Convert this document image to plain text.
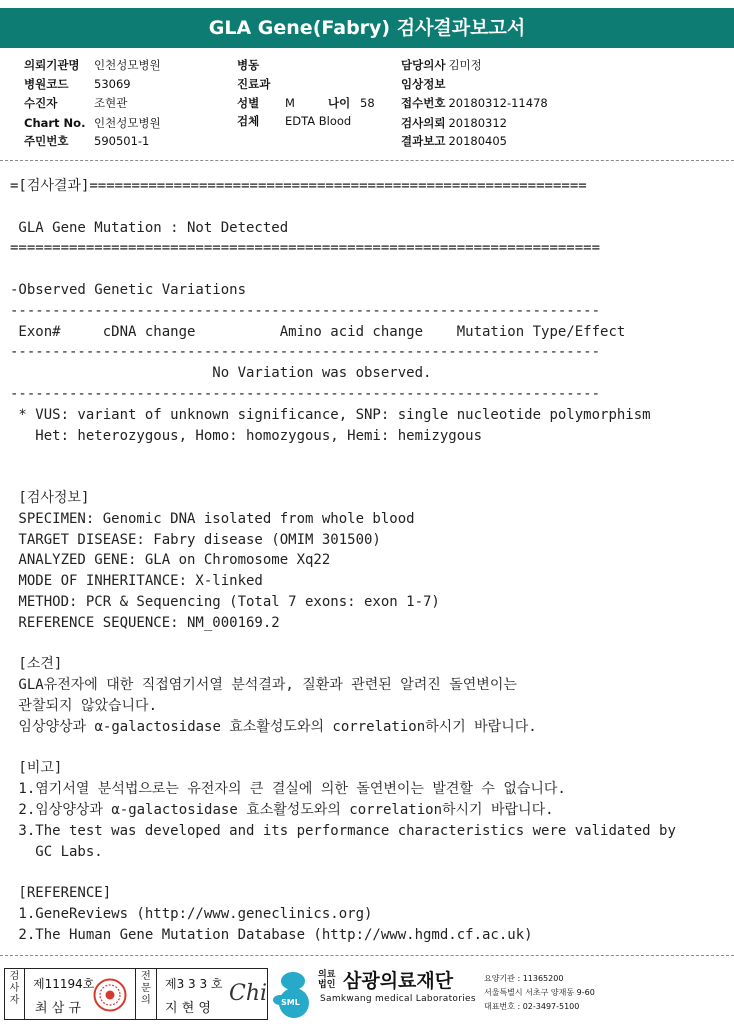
GLA Gene(Fabry) 검사결과보고서
의뢰기관명 인천성모병원
병원코드 53069
수진자	조현관
Chart No. 인천성모병원
주민번호 590501-1
병동
진료과
성별 M	나이 58
검체 EDTA Blood
담당의사 김미정
임상정보
접수번호 20180312-11478
검사의뢰 20180312
결과보고 20180405
=[검사결과]===========================================================
GLA Gene Mutation : Not Detected
======================================================================
-Observed Genetic Variations
----------------------------------------------------------------------
Exon#     cDNA change          Amino acid change    Mutation Type/Effect
----------------------------------------------------------------------
No Variation was observed.
----------------------------------------------------------------------
* VUS: variant of unknown significance, SNP: single nucleotide polymorphism
Het: heterozygous, Homo: homozygous, Hemi: hemizygous
[검사정보]
SPECIMEN: Genomic DNA isolated from whole blood
TARGET DISEASE: Fabry disease (OMIM 301500)
ANALYZED GENE: GLA on Chromosome Xq22
MODE OF INHERITANCE: X-linked
METHOD: PCR & Sequencing (Total 7 exons: exon 1-7)
REFERENCE SEQUENCE: NM_000169.2
[소견]
GLA유전자에 대한 직접염기서열 분석결과, 질환과 관련된 알려진 돌연변이는
관찰되지 않았습니다.
임상양상과 α-galactosidase 효소활성도와의 correlation하시기 바랍니다.
[비고]
1.염기서열 분석법으로는 유전자의 큰 결실에 의한 돌연변이는 발견할 수 없습니다.
2.임상양상과 α-galactosidase 효소활성도와의 correlation하시기 바랍니다.
3.The test was developed and its performance characteristics were validated by
GC Labs.
[REFERENCE]
1.GeneReviews (http://www.geneclinics.org)
2.The Human Gene Mutation Database (http://www.hgmd.cf.ac.uk)
검
사
자
제11194호
최 삼 규
전
문
의
제3 3 3 호
지 현 영
Chi SML
의료
법인 삼광의료재단
Samkwang medical Laboratories
요양기관 : 11365200
서울특별시 서초구 양재동 9-60
대표번호 : 02-3497-5100
